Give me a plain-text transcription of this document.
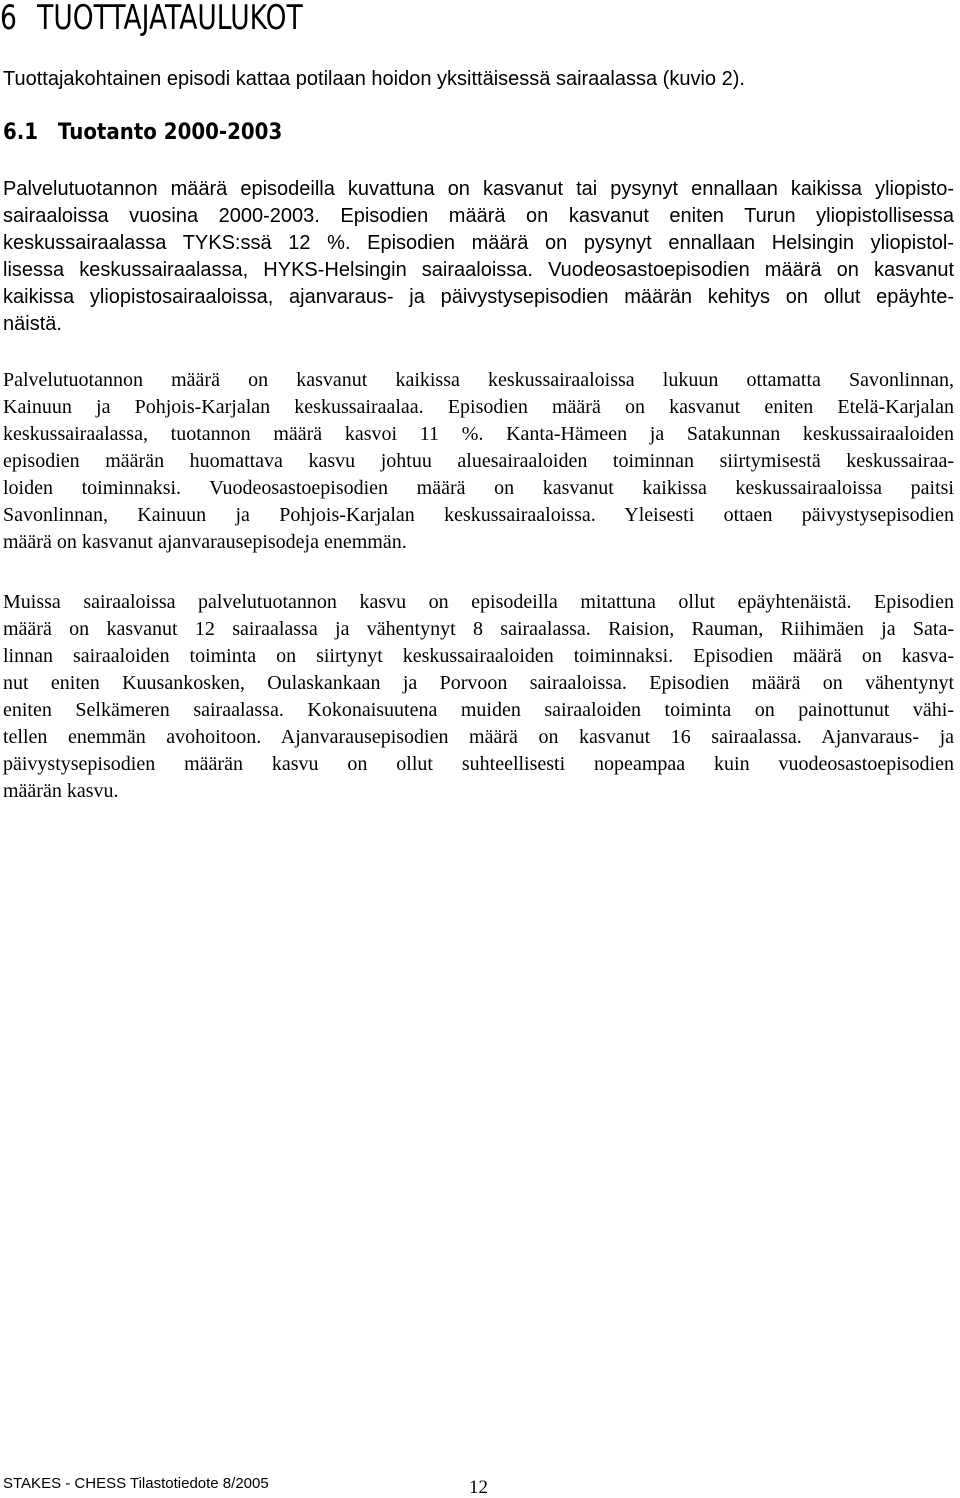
6 TUOTTAJATAULUKOT

Tuottajakohtainen episodi kattaa potilaan hoidon yksittäisessä sairaalassa (kuvio 2).

6.1 Tuotanto 2000-2003
Palvelutuotannon määrä episodeilla kuvattuna on kasvanut tai pysynyt ennallaan kaikissa yliopisto-
sairaaloissa vuosina 2000-2003. Episodien määrä on kasvanut eniten Turun yliopistollisessa
keskussairaalassa TYKS:ssä 12 %. Episodien määrä on pysynyt ennallaan Helsingin yliopistol-
lisessa keskussairaalassa, HYKS-Helsingin sairaaloissa. Vuodeosastoepisodien määrä on kasvanut
kaikissa yliopistosairaaloissa, ajanvaraus- ja päivystysepisodien määrän kehitys on ollut epäyhte-
näistä.
Palvelutuotannon määrä on kasvanut kaikissa keskussairaaloissa lukuun ottamatta Savonlinnan,
Kainuun ja Pohjois-Karjalan keskussairaalaa. Episodien määrä on kasvanut eniten Etelä-Karjalan
keskussairaalassa, tuotannon määrä kasvoi 11 %. Kanta-Hämeen ja Satakunnan keskussairaaloiden
episodien määrän huomattava kasvu johtuu aluesairaaloiden toiminnan siirtymisestä keskussairaa-
loiden toiminnaksi. Vuodeosastoepisodien määrä on kasvanut kaikissa keskussairaaloissa paitsi
Savonlinnan, Kainuun ja Pohjois-Karjalan keskussairaaloissa. Yleisesti ottaen päivystysepisodien
määrä on kasvanut ajanvarausepisodeja enemmän.
Muissa sairaaloissa palvelutuotannon kasvu on episodeilla mitattuna ollut epäyhtenäistä. Episodien
määrä on kasvanut 12 sairaalassa ja vähentynyt 8 sairaalassa. Raision, Rauman, Riihimäen ja Sata-
linnan sairaaloiden toiminta on siirtynyt keskussairaaloiden toiminnaksi. Episodien määrä on kasva-
nut eniten Kuusankosken, Oulaskankaan ja Porvoon sairaaloissa. Episodien määrä on vähentynyt
eniten Selkämeren sairaalassa. Kokonaisuutena muiden sairaaloiden toiminta on painottunut vähi-
tellen enemmän avohoitoon. Ajanvarausepisodien määrä on kasvanut 16 sairaalassa. Ajanvaraus- ja
päivystysepisodien määrän kasvu on ollut suhteellisesti nopeampaa kuin vuodeosastoepisodien
määrän kasvu.

STAKES - CHESS Tilastotiedote 8/2005	12
